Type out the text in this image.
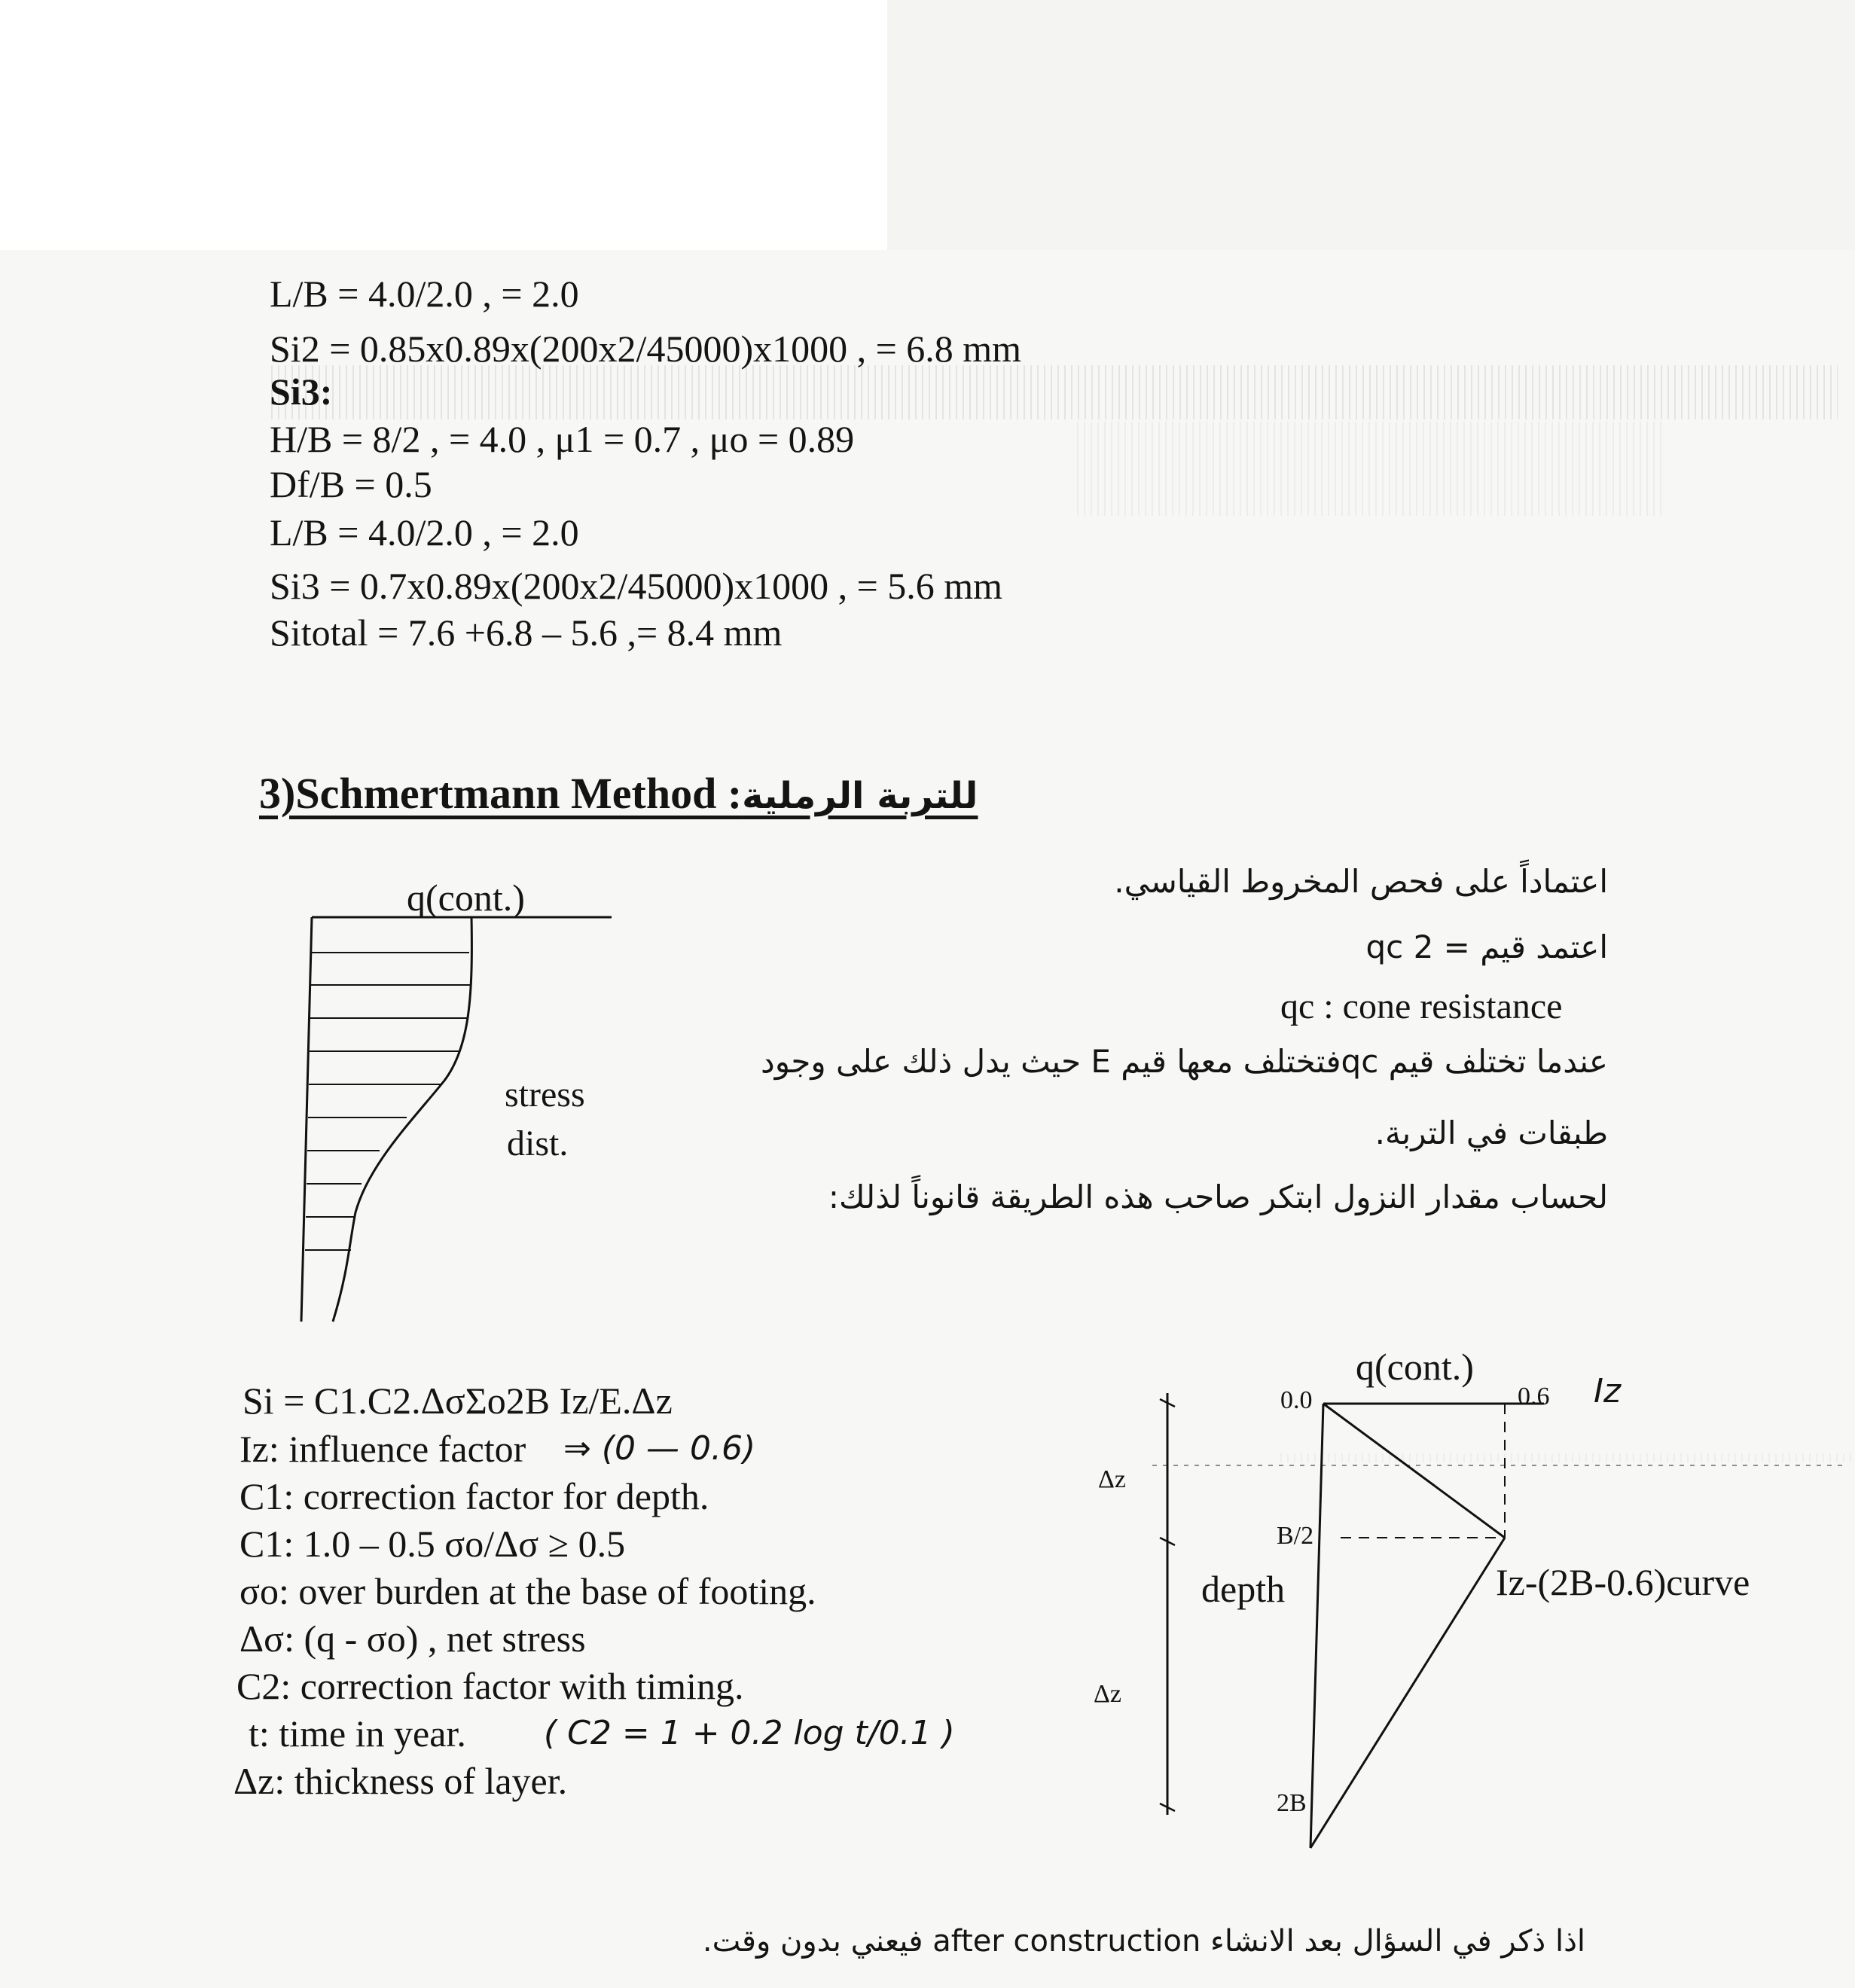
L/B = 4.0/2.0 , = 2.0
Si2 = 0.85x0.89x(200x2/45000)x1000 , = 6.8 mm
Si3:
H/B = 8/2 , = 4.0 , μ1 = 0.7 , μo = 0.89
Df/B = 0.5
L/B = 4.0/2.0 , = 2.0
Si3 = 0.7x0.89x(200x2/45000)x1000 , = 5.6 mm
Sitotal = 7.6 +6.8 – 5.6 ,= 8.4 mm
3)Schmertmann Method :للتربة الرملية
اعتماداً على فحص المخروط القياسي.
اعتمد قيم = 2 qc
qc : cone resistance
عندما تختلف قيم qcفتختلف معها قيم E حيث يدل ذلك على وجود
طبقات في التربة.
لحساب مقدار النزول ابتكر صاحب هذه الطريقة قانوناً لذلك:
q(cont.)
stress
dist.
Si = C1.C2.ΔσΣo2B Iz/E.Δz
Iz: influence factor ⇒ (0 — 0.6)
C1: correction factor for depth.
C1: 1.0 – 0.5 σo/Δσ ≥ 0.5
σo: over burden at the base of footing.
Δσ: (q - σo) , net stress
C2: correction factor with timing.
t: time in year. ( C2 = 1 + 0.2 log t/0.1 )
Δz: thickness of layer.
q(cont.)
0.0	0.6 Iz
B/2
2B
depth	Iz-(2B-0.6)curve
Δz
Δz
اذا ذكر في السؤال بعد الانشاء after construction فيعني بدون وقت.
